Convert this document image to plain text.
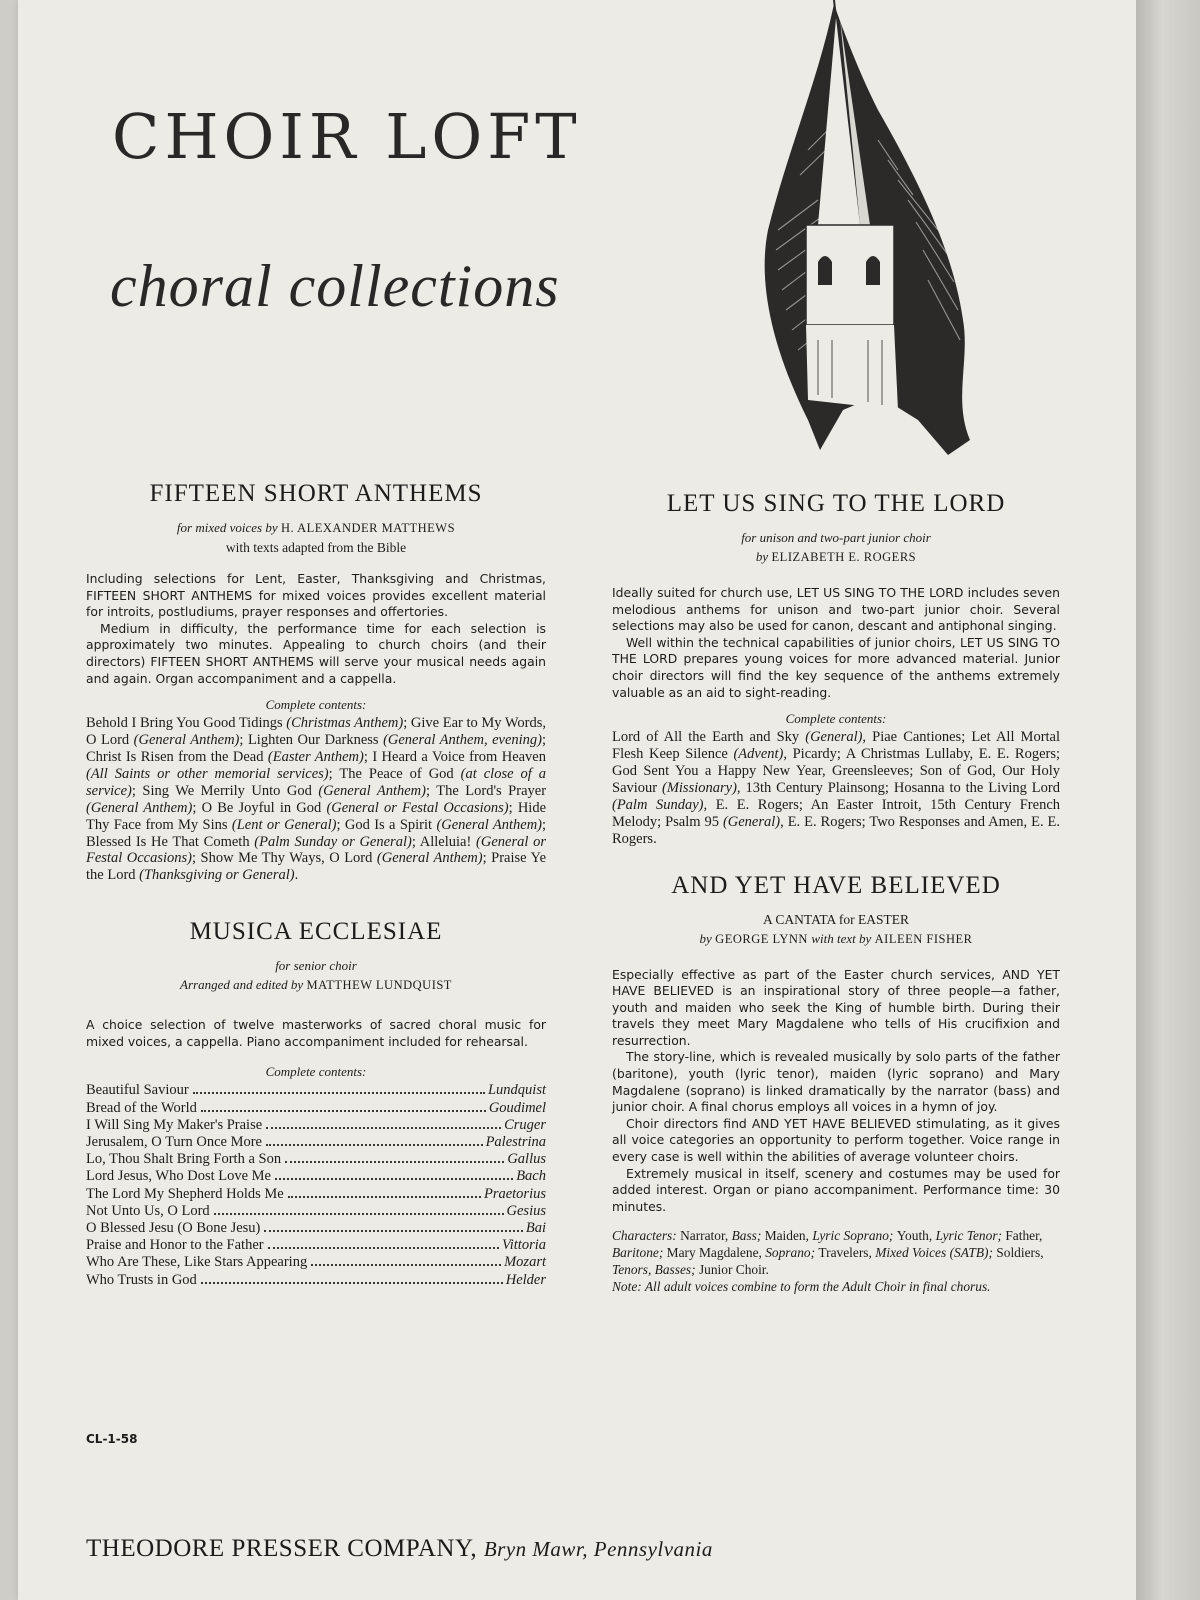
CHOIR LOFT
choral collections
FIFTEEN SHORT ANTHEMS
for mixed voices by H. ALEXANDER MATTHEWS
with texts adapted from the Bible

Including selections for Lent, Easter, Thanksgiving and Christmas, FIFTEEN SHORT ANTHEMS for mixed voices provides excellent material for introits, postludiums, prayer responses and offertories.

Medium in difficulty, the performance time for each selection is approximately two minutes. Appealing to church choirs (and their directors) FIFTEEN SHORT ANTHEMS will serve your musical needs again and again. Organ accompaniment and a cappella.

Complete contents:
Behold I Bring You Good Tidings (Christmas Anthem); Give Ear to My Words, O Lord (General Anthem); Lighten Our Darkness (General Anthem, evening); Christ Is Risen from the Dead (Easter Anthem); I Heard a Voice from Heaven (All Saints or other memorial services); The Peace of God (at close of a service); Sing We Merrily Unto God (General Anthem); The Lord's Prayer (General Anthem); O Be Joyful in God (General or Festal Occasions); Hide Thy Face from My Sins (Lent or General); God Is a Spirit (General Anthem); Blessed Is He That Cometh (Palm Sunday or General); Alleluia! (General or Festal Occasions); Show Me Thy Ways, O Lord (General Anthem); Praise Ye the Lord (Thanksgiving or General).
MUSICA ECCLESIAE
for senior choir
Arranged and edited by MATTHEW LUNDQUIST

A choice selection of twelve masterworks of sacred choral music for mixed voices, a cappella. Piano accompaniment included for rehearsal.

Complete contents:
Beautiful Saviour	Lundquist
Bread of the World	Goudimel
I Will Sing My Maker's Praise	Cruger
Jerusalem, O Turn Once More	Palestrina
Lo, Thou Shalt Bring Forth a Son	Gallus
Lord Jesus, Who Dost Love Me	Bach
The Lord My Shepherd Holds Me	Praetorius
Not Unto Us, O Lord	Gesius
O Blessed Jesu (O Bone Jesu)	Bai
Praise and Honor to the Father	Vittoria
Who Are These, Like Stars Appearing	Mozart
Who Trusts in God	Helder
LET US SING TO THE LORD
for unison and two-part junior choir
by ELIZABETH E. ROGERS

Ideally suited for church use, LET US SING TO THE LORD includes seven melodious anthems for unison and two-part junior choir. Several selections may also be used for canon, descant and antiphonal singing.

Well within the technical capabilities of junior choirs, LET US SING TO THE LORD prepares young voices for more advanced material. Junior choir directors will find the key sequence of the anthems extremely valuable as an aid to sight-reading.

Complete contents:
Lord of All the Earth and Sky (General), Piae Cantiones; Let All Mortal Flesh Keep Silence (Advent), Picardy; A Christmas Lullaby, E. E. Rogers; God Sent You a Happy New Year, Greensleeves; Son of God, Our Holy Saviour (Missionary), 13th Century Plainsong; Hosanna to the Living Lord (Palm Sunday), E. E. Rogers; An Easter Introit, 15th Century French Melody; Psalm 95 (General), E. E. Rogers; Two Responses and Amen, E. E. Rogers.
AND YET HAVE BELIEVED
A CANTATA for EASTER
by GEORGE LYNN with text by AILEEN FISHER

Especially effective as part of the Easter church services, AND YET HAVE BELIEVED is an inspirational story of three people—a father, youth and maiden who seek the King of humble birth. During their travels they meet Mary Magdalene who tells of His crucifixion and resurrection.

The story-line, which is revealed musically by solo parts of the father (baritone), youth (lyric tenor), maiden (lyric soprano) and Mary Magdalene (soprano) is linked dramatically by the narrator (bass) and junior choir. A final chorus employs all voices in a hymn of joy.

Choir directors find AND YET HAVE BELIEVED stimulating, as it gives all voice categories an opportunity to perform together. Voice range in every case is well within the abilities of average volunteer choirs.

Extremely musical in itself, scenery and costumes may be used for added interest. Organ or piano accompaniment. Performance time: 30 minutes.

Characters: Narrator, Bass; Maiden, Lyric Soprano; Youth, Lyric Tenor; Father, Baritone; Mary Magdalene, Soprano; Travelers, Mixed Voices (SATB); Soldiers, Tenors, Basses; Junior Choir.
Note: All adult voices combine to form the Adult Choir in final chorus.
CL-1-58
THEODORE PRESSER COMPANY, Bryn Mawr, Pennsylvania
